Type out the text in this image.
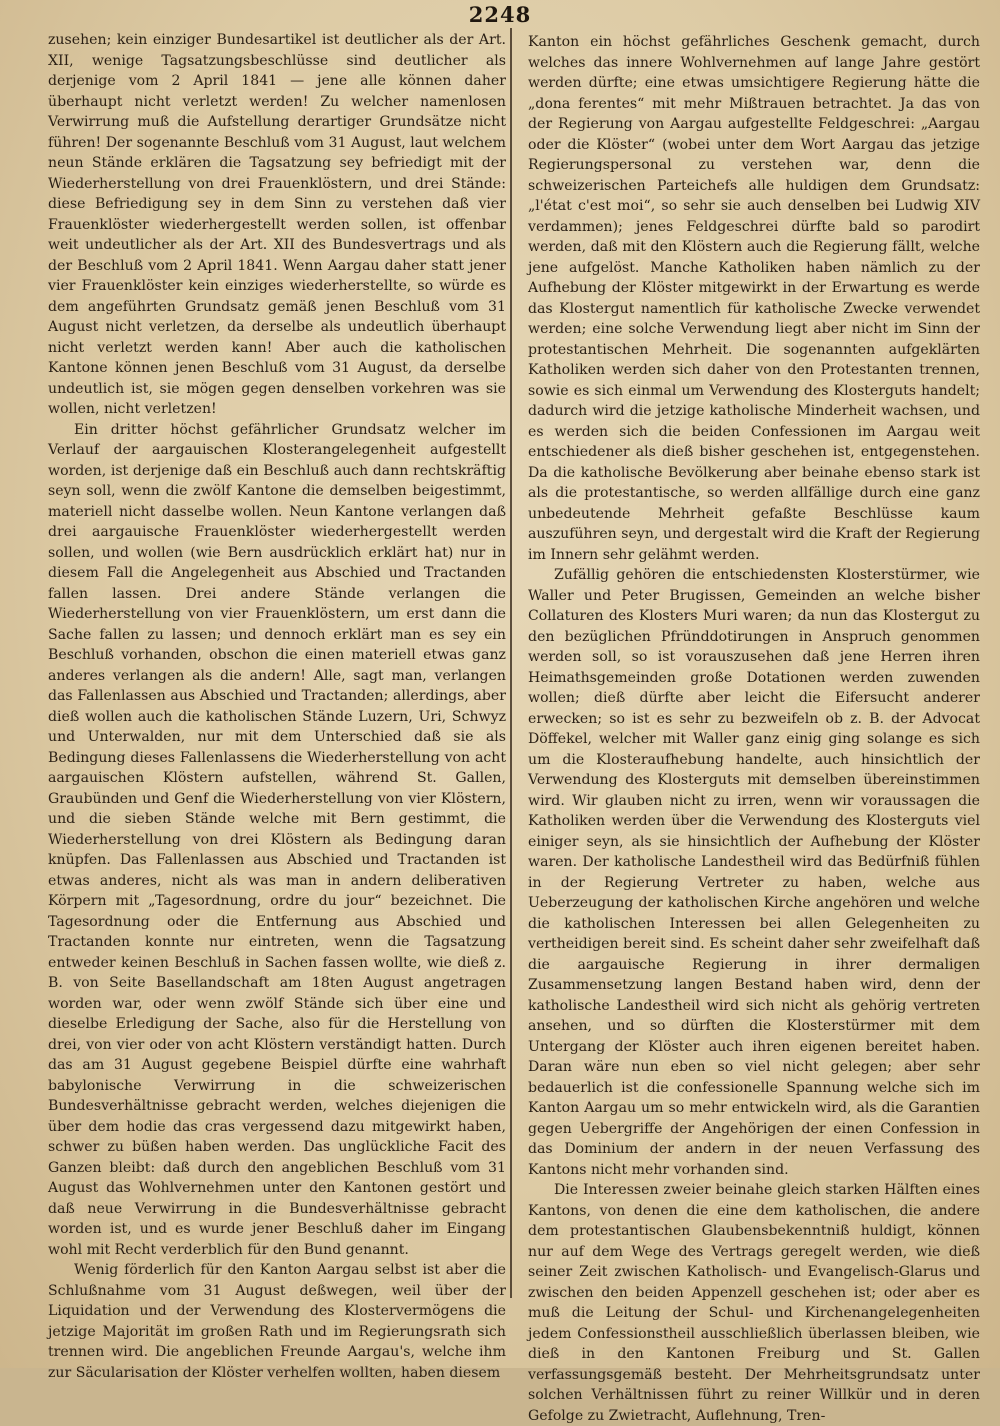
2248

zusehen; kein einziger Bundesartikel ist deutlicher als der Art. XII, wenige Tagsatzungsbeschlüsse sind deutlicher als derjenige vom 2 April 1841 — jene alle können daher überhaupt nicht verletzt werden! Zu welcher namenlosen Verwirrung muß die Aufstellung derartiger Grundsätze nicht führen! Der sogenannte Beschluß vom 31 August, laut welchem neun Stände erklären die Tagsatzung sey befriedigt mit der Wiederherstellung von drei Frauenklöstern, und drei Stände: diese Befriedigung sey in dem Sinn zu verstehen daß vier Frauenklöster wiederhergestellt werden sollen, ist offenbar weit undeutlicher als der Art. XII des Bundesvertrags und als der Beschluß vom 2 April 1841. Wenn Aargau daher statt jener vier Frauenklöster kein einziges wiederherstellte, so würde es dem angeführten Grundsatz gemäß jenen Beschluß vom 31 August nicht verletzen, da derselbe als undeutlich überhaupt nicht verletzt werden kann! Aber auch die katholischen Kantone können jenen Beschluß vom 31 August, da derselbe undeutlich ist, sie mögen gegen denselben vorkehren was sie wollen, nicht verletzen!

Ein dritter höchst gefährlicher Grundsatz welcher im Verlauf der aargauischen Klosterangelegenheit aufgestellt worden, ist derjenige daß ein Beschluß auch dann rechtskräftig seyn soll, wenn die zwölf Kantone die demselben beigestimmt, materiell nicht dasselbe wollen. Neun Kantone verlangen daß drei aargauische Frauenklöster wiederhergestellt werden sollen, und wollen (wie Bern ausdrücklich erklärt hat) nur in diesem Fall die Angelegenheit aus Abschied und Tractanden fallen lassen. Drei andere Stände verlangen die Wiederherstellung von vier Frauenklöstern, um erst dann die Sache fallen zu lassen; und dennoch erklärt man es sey ein Beschluß vorhanden, obschon die einen materiell etwas ganz anderes verlangen als die andern! Alle, sagt man, verlangen das Fallenlassen aus Abschied und Tractanden; allerdings, aber dieß wollen auch die katholischen Stände Luzern, Uri, Schwyz und Unterwalden, nur mit dem Unterschied daß sie als Bedingung dieses Fallenlassens die Wiederherstellung von acht aargauischen Klöstern aufstellen, während St. Gallen, Graubünden und Genf die Wiederherstellung von vier Klöstern, und die sieben Stände welche mit Bern gestimmt, die Wiederherstellung von drei Klöstern als Bedingung daran knüpfen. Das Fallenlassen aus Abschied und Tractanden ist etwas anderes, nicht als was man in andern deliberativen Körpern mit „Tagesordnung, ordre du jour“ bezeichnet. Die Tagesordnung oder die Entfernung aus Abschied und Tractanden konnte nur eintreten, wenn die Tagsatzung entweder keinen Beschluß in Sachen fassen wollte, wie dieß z. B. von Seite Basellandschaft am 18ten August angetragen worden war, oder wenn zwölf Stände sich über eine und dieselbe Erledigung der Sache, also für die Herstellung von drei, von vier oder von acht Klöstern verständigt hatten. Durch das am 31 August gegebene Beispiel dürfte eine wahrhaft babylonische Verwirrung in die schweizerischen Bundesverhältnisse gebracht werden, welches diejenigen die über dem hodie das cras vergessend dazu mitgewirkt haben, schwer zu büßen haben werden. Das unglückliche Facit des Ganzen bleibt: daß durch den angeblichen Beschluß vom 31 August das Wohlvernehmen unter den Kantonen gestört und daß neue Verwirrung in die Bundesverhältnisse gebracht worden ist, und es wurde jener Beschluß daher im Eingang wohl mit Recht verderblich für den Bund genannt.

Wenig förderlich für den Kanton Aargau selbst ist aber die Schlußnahme vom 31 August deßwegen, weil über der Liquidation und der Verwendung des Klostervermögens die jetzige Majorität im großen Rath und im Regierungsrath sich trennen wird. Die angeblichen Freunde Aargau's, welche ihm zur Säcularisation der Klöster verhelfen wollten, haben diesem

Kanton ein höchst gefährliches Geschenk gemacht, durch welches das innere Wohlvernehmen auf lange Jahre gestört werden dürfte; eine etwas umsichtigere Regierung hätte die „dona ferentes“ mit mehr Mißtrauen betrachtet. Ja das von der Regierung von Aargau aufgestellte Feldgeschrei: „Aargau oder die Klöster“ (wobei unter dem Wort Aargau das jetzige Regierungspersonal zu verstehen war, denn die schweizerischen Parteichefs alle huldigen dem Grundsatz: „l'état c'est moi“, so sehr sie auch denselben bei Ludwig XIV verdammen); jenes Feldgeschrei dürfte bald so parodirt werden, daß mit den Klöstern auch die Regierung fällt, welche jene aufgelöst. Manche Katholiken haben nämlich zu der Aufhebung der Klöster mitgewirkt in der Erwartung es werde das Klostergut namentlich für katholische Zwecke verwendet werden; eine solche Verwendung liegt aber nicht im Sinn der protestantischen Mehrheit. Die sogenannten aufgeklärten Katholiken werden sich daher von den Protestanten trennen, sowie es sich einmal um Verwendung des Klosterguts handelt; dadurch wird die jetzige katholische Minderheit wachsen, und es werden sich die beiden Confessionen im Aargau weit entschiedener als dieß bisher geschehen ist, entgegenstehen. Da die katholische Bevölkerung aber beinahe ebenso stark ist als die protestantische, so werden allfällige durch eine ganz unbedeutende Mehrheit gefaßte Beschlüsse kaum auszuführen seyn, und dergestalt wird die Kraft der Regierung im Innern sehr gelähmt werden.

Zufällig gehören die entschiedensten Klosterstürmer, wie Waller und Peter Brugissen, Gemeinden an welche bisher Collaturen des Klosters Muri waren; da nun das Klostergut zu den bezüglichen Pfründdotirungen in Anspruch genommen werden soll, so ist vorauszusehen daß jene Herren ihren Heimathsgemeinden große Dotationen werden zuwenden wollen; dieß dürfte aber leicht die Eifersucht anderer erwecken; so ist es sehr zu bezweifeln ob z. B. der Advocat Döffekel, welcher mit Waller ganz einig ging solange es sich um die Klosteraufhebung handelte, auch hinsichtlich der Verwendung des Klosterguts mit demselben übereinstimmen wird. Wir glauben nicht zu irren, wenn wir voraussagen die Katholiken werden über die Verwendung des Klosterguts viel einiger seyn, als sie hinsichtlich der Aufhebung der Klöster waren. Der katholische Landestheil wird das Bedürfniß fühlen in der Regierung Vertreter zu haben, welche aus Ueberzeugung der katholischen Kirche angehören und welche die katholischen Interessen bei allen Gelegenheiten zu vertheidigen bereit sind. Es scheint daher sehr zweifelhaft daß die aargauische Regierung in ihrer dermaligen Zusammensetzung langen Bestand haben wird, denn der katholische Landestheil wird sich nicht als gehörig vertreten ansehen, und so dürften die Klosterstürmer mit dem Untergang der Klöster auch ihren eigenen bereitet haben. Daran wäre nun eben so viel nicht gelegen; aber sehr bedauerlich ist die confessionelle Spannung welche sich im Kanton Aargau um so mehr entwickeln wird, als die Garantien gegen Uebergriffe der Angehörigen der einen Confession in das Dominium der andern in der neuen Verfassung des Kantons nicht mehr vorhanden sind.

Die Interessen zweier beinahe gleich starken Hälften eines Kantons, von denen die eine dem katholischen, die andere dem protestantischen Glaubensbekenntniß huldigt, können nur auf dem Wege des Vertrags geregelt werden, wie dieß seiner Zeit zwischen Katholisch- und Evangelisch-Glarus und zwischen den beiden Appenzell geschehen ist; oder aber es muß die Leitung der Schul- und Kirchenangelegenheiten jedem Confessionstheil ausschließlich überlassen bleiben, wie dieß in den Kantonen Freiburg und St. Gallen verfassungsgemäß besteht. Der Mehrheitsgrundsatz unter solchen Verhältnissen führt zu reiner Willkür und in deren Gefolge zu Zwietracht, Auflehnung, Tren-
